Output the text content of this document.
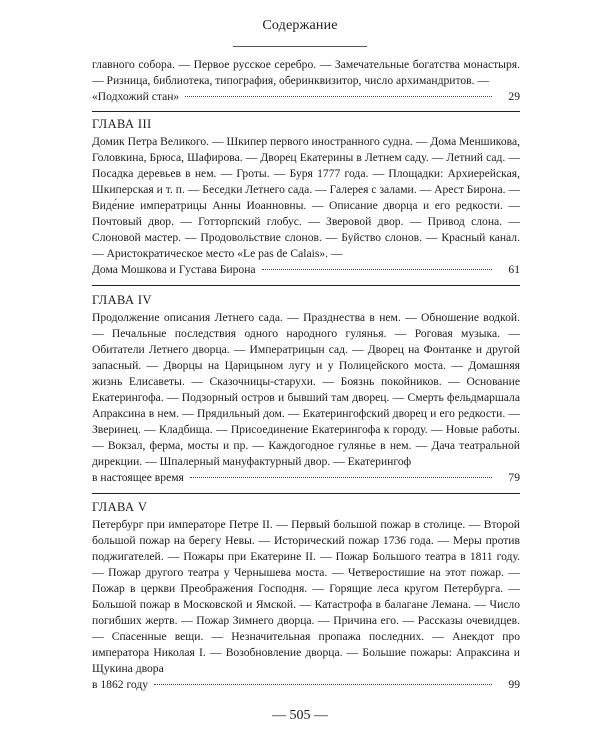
Содержание

главного собора. — Первое русское серебро. — Замечательные богатства монастыря. — Ризница, библиотека, типография, оберинквизитор, число архимандритов. —

«Подхожий стан»	29
ГЛАВА III

Домик Петра Великого. — Шкипер первого иностранного судна. — Дома Меншикова, Головкина, Брюса, Шафирова. — Дворец Екатерины в Летнем саду. — Летний сад. — Посадка деревьев в нем. — Гроты. — Буря 1777 года. — Площадки: Архиерейская, Шкиперская и т. п. — Беседки Летнего сада. — Галерея с залами. — Арест Бирона. — Виде́ние императрицы Анны Иоанновны. — Описание дворца и его редкости. — Почтовый двор. — Готторпский глобус. — Зверовой двор. — Привод слона. — Слоновой мастер. — Продовольствие слонов. — Буйство слонов. — Красный канал. — Аристократическое место «Le pas de Calais». —

Дома Мошкова и Густава Бирона	61
ГЛАВА IV

Продолжение описания Летнего сада. — Празднества в нем. — Обношение водкой. — Печальные последствия одного народного гулянья. — Роговая музыка. — Обитатели Летнего дворца. — Императрицын сад. — Дворец на Фонтанке и другой запасный. — Дворцы на Царицыном лугу и у Полицейского моста. — Домашняя жизнь Елисаветы. — Сказочницы-старухи. — Боязнь покойников. — Основание Екатерингофа. — Подзорный остров и бывший там дворец. — Смерть фельдмаршала Апраксина в нем. — Прядильный дом. — Екатерингофский дворец и его редкости. — Зверинец. — Кладбища. — Присоединение Екатерингофа к городу. — Новые работы. — Вокзал, ферма, мосты и пр. — Каждогодное гулянье в нем. — Дача театральной дирекции. — Шпалерный мануфактурный двор. — Екатерингоф

в настоящее время	79
ГЛАВА V

Петербург при императоре Петре II. — Первый большой пожар в столице. — Второй большой пожар на берегу Невы. — Исторический пожар 1736 года. — Меры против поджигателей. — Пожары при Екатерине II. — Пожар Большого театра в 1811 году. — Пожар другого театра у Чернышева моста. — Четверостишие на этот пожар. — Пожар в церкви Преображения Господня. — Горящие леса кругом Петербурга. — Большой пожар в Московской и Ямской. — Катастрофа в балагане Лемана. — Число погибших жертв. — Пожар Зимнего дворца. — Причина его. — Рассказы очевидцев. — Спасенные вещи. — Незначительная пропажа последних. — Анекдот про императора Николая I. — Возобновление дворца. — Большие пожары: Апраксина и Щукина двора

в 1862 году	99
— 505 —
